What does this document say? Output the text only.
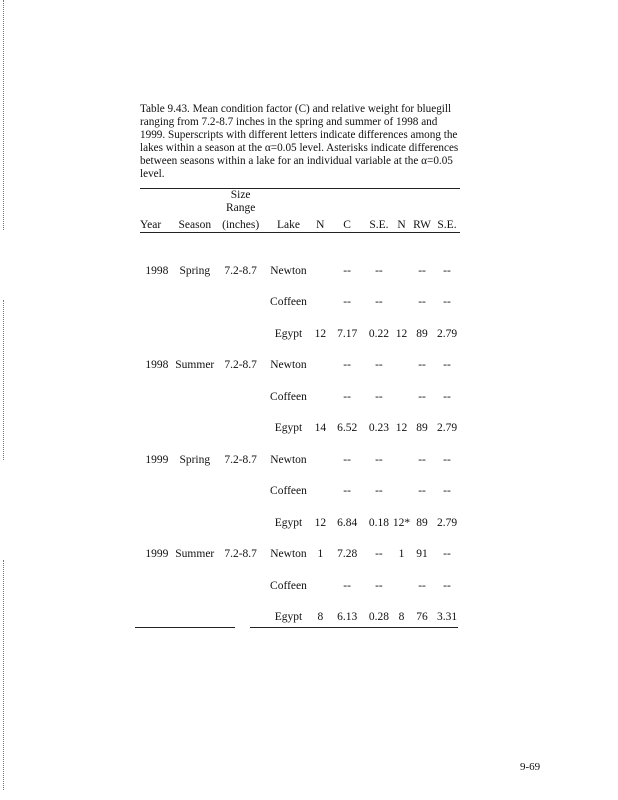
Table 9.43. Mean condition factor (C) and relative weight for bluegill ranging from 7.2-8.7 inches in the spring and summer of 1998 and 1999. Superscripts with different letters indicate differences among the lakes within a season at the α=0.05 level. Asterisks indicate differences between seasons within a lake for an individual variable at the α=0.05 level.

		Size							
		Range							
Year	Season	(inches)	Lake	N	C	S.E.	N	RW	S.E.
1998	Spring	7.2-8.7	Newton		--	--		--	--
			Coffeen		--	--		--	--
			Egypt	12	7.17	0.22	12	89	2.79
1998	Summer	7.2-8.7	Newton		--	--		--	--
			Coffeen		--	--		--	--
			Egypt	14	6.52	0.23	12	89	2.79
1999	Spring	7.2-8.7	Newton		--	--		--	--
			Coffeen		--	--		--	--
			Egypt	12	6.84	0.18	12*	89	2.79
1999	Summer	7.2-8.7	Newton	1	7.28	--	1	91	--
			Coffeen		--	--		--	--
			Egypt	8	6.13	0.28	8	76	3.31
9-69
